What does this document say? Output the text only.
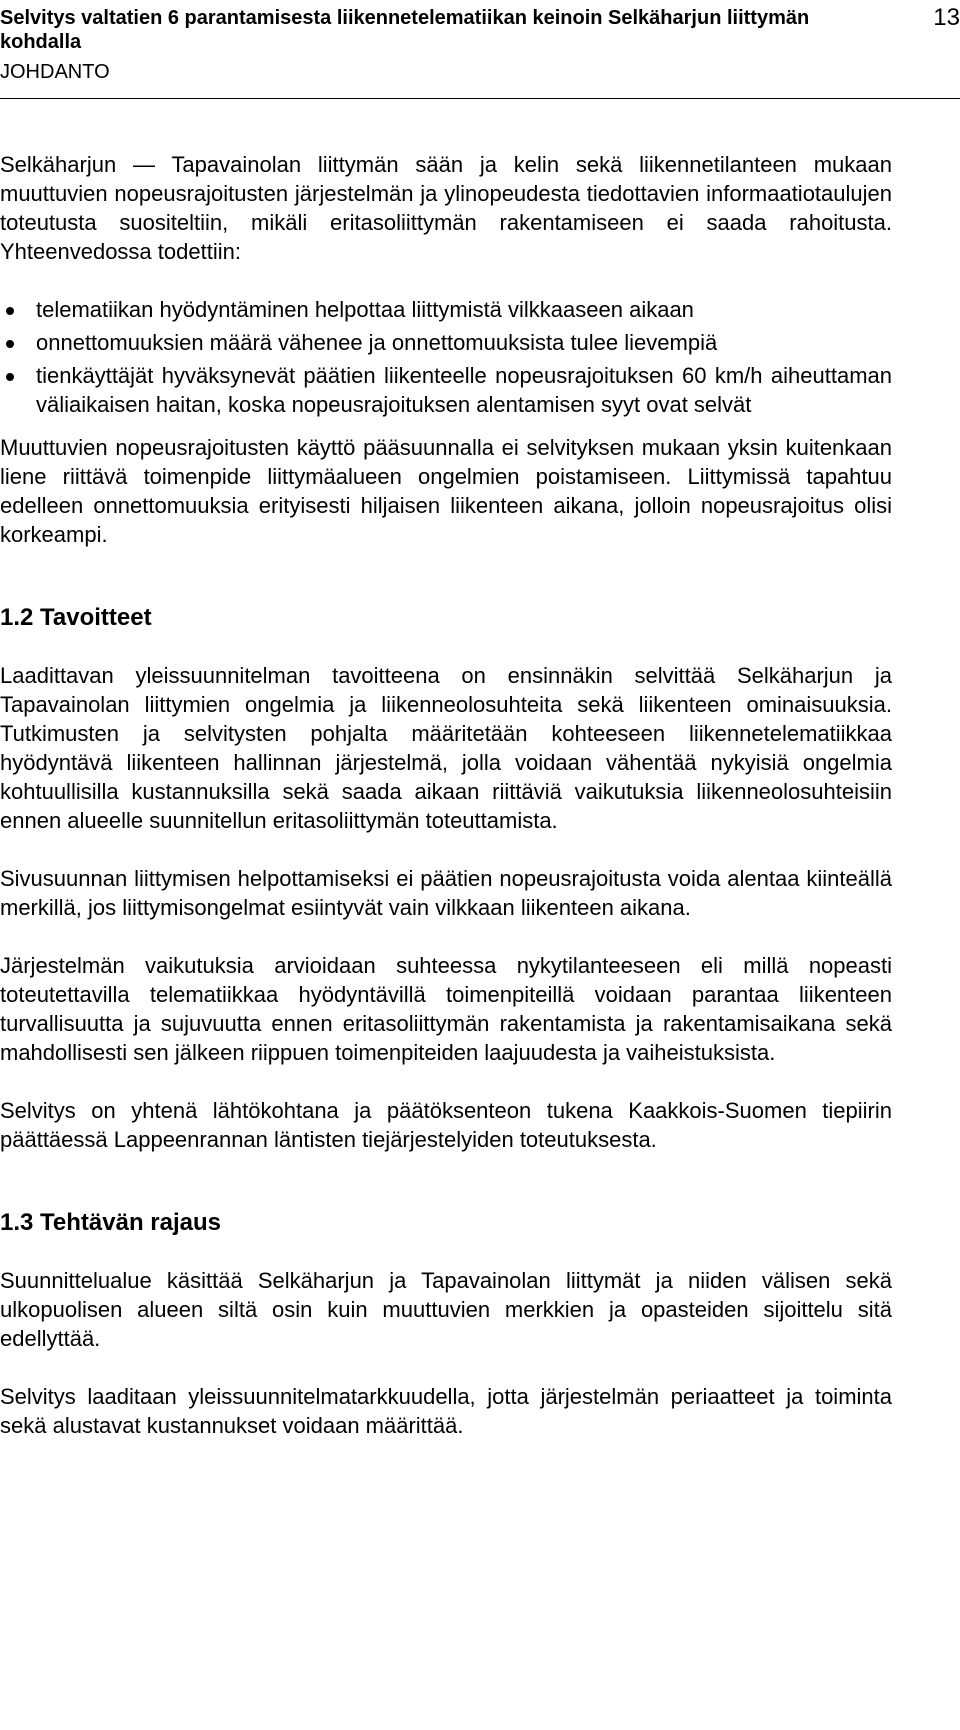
Selvitys valtatien 6 parantamisesta liikennetelematiikan keinoin Selkäharjun liittymän kohdalla
JOHDANTO
13

Selkäharjun — Tapavainolan liittymän sään ja kelin sekä liikennetilanteen mukaan muuttuvien nopeusrajoitusten järjestelmän ja ylinopeudesta tiedottavien informaatiotaulujen toteutusta suositeltiin, mikäli eritasoliittymän rakentamiseen ei saada rahoitusta. Yhteenvedossa todettiin:

telematiikan hyödyntäminen helpottaa liittymistä vilkkaaseen aikaan
onnettomuuksien määrä vähenee ja onnettomuuksista tulee lievempiä
tienkäyttäjät hyväksynevät päätien liikenteelle nopeusrajoituksen 60 km/h aiheuttaman väliaikaisen haitan, koska nopeusrajoituksen alentamisen syyt ovat selvät

Muuttuvien nopeusrajoitusten käyttö pääsuunnalla ei selvityksen mukaan yksin kuitenkaan liene riittävä toimenpide liittymäalueen ongelmien poistamiseen. Liittymissä tapahtuu edelleen onnettomuuksia erityisesti hiljaisen liikenteen aikana, jolloin nopeusrajoitus olisi korkeampi.

1.2 Tavoitteet

Laadittavan yleissuunnitelman tavoitteena on ensinnäkin selvittää Selkäharjun ja Tapavainolan liittymien ongelmia ja liikenneolosuhteita sekä liikenteen ominaisuuksia. Tutkimusten ja selvitysten pohjalta määritetään kohteeseen liikennetelematiikkaa hyödyntävä liikenteen hallinnan järjestelmä, jolla voidaan vähentää nykyisiä ongelmia kohtuullisilla kustannuksilla sekä saada aikaan riittäviä vaikutuksia liikenneolosuhteisiin ennen alueelle suunnitellun eritasoliittymän toteuttamista.

Sivusuunnan liittymisen helpottamiseksi ei päätien nopeusrajoitusta voida alentaa kiinteällä merkillä, jos liittymisongelmat esiintyvät vain vilkkaan liikenteen aikana.

Järjestelmän vaikutuksia arvioidaan suhteessa nykytilanteeseen eli millä nopeasti toteutettavilla telematiikkaa hyödyntävillä toimenpiteillä voidaan parantaa liikenteen turvallisuutta ja sujuvuutta ennen eritasoliittymän rakentamista ja rakentamisaikana sekä mahdollisesti sen jälkeen riippuen toimenpiteiden laajuudesta ja vaiheistuksista.

Selvitys on yhtenä lähtökohtana ja päätöksenteon tukena Kaakkois-Suomen tiepiirin päättäessä Lappeenrannan läntisten tiejärjestelyiden toteutuksesta.

1.3 Tehtävän rajaus

Suunnittelualue käsittää Selkäharjun ja Tapavainolan liittymät ja niiden välisen sekä ulkopuolisen alueen siltä osin kuin muuttuvien merkkien ja opasteiden sijoittelu sitä edellyttää.

Selvitys laaditaan yleissuunnitelmatarkkuudella, jotta järjestelmän periaatteet ja toiminta sekä alustavat kustannukset voidaan määrittää.
